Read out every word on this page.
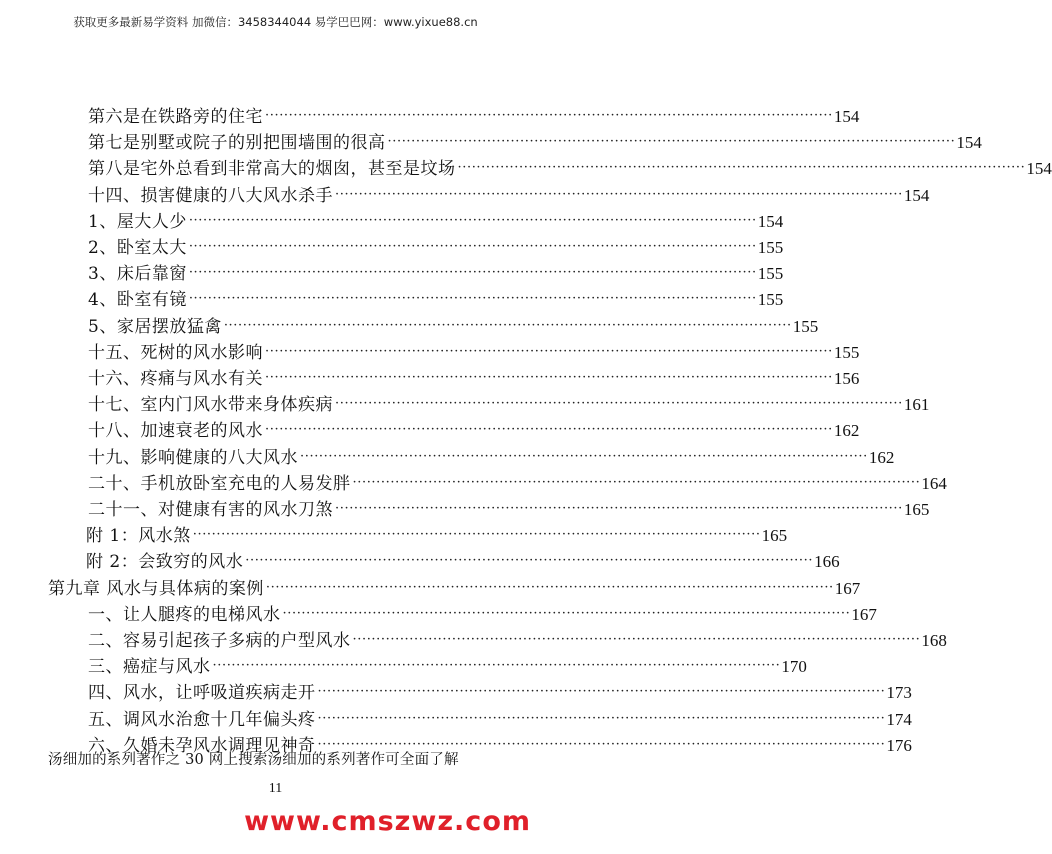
获取更多最新易学资料 加微信：3458344044 易学巴巴网：www.yixue88.cn
第六是在铁路旁的住宅 ························································································································ 154
第七是别墅或院子的别把围墙围的很高 ························································································································ 154
第八是宅外总看到非常高大的烟囱，甚至是坟场 ························································································································ 154
十四、损害健康的八大风水杀手 ························································································································ 154
1、屋大人少 ························································································································ 154
2、卧室太大 ························································································································ 155
3、床后靠窗 ························································································································ 155
4、卧室有镜 ························································································································ 155
5、家居摆放猛禽 ························································································································ 155
十五、死树的风水影响 ························································································································ 155
十六、疼痛与风水有关 ························································································································ 156
十七、室内门风水带来身体疾病 ························································································································ 161
十八、加速衰老的风水 ························································································································ 162
十九、影响健康的八大风水 ························································································································ 162
二十、手机放卧室充电的人易发胖 ························································································································ 164
二十一、对健康有害的风水刀煞 ························································································································ 165
附 1：风水煞 ························································································································ 165
附 2：会致穷的风水 ························································································································ 166
第九章 风水与具体病的案例 ························································································································ 167
一、让人腿疼的电梯风水 ························································································································ 167
二、容易引起孩子多病的户型风水 ························································································································ 168
三、癌症与风水 ························································································································ 170
四、风水，让呼吸道疾病走开 ························································································································ 173
五、调风水治愈十几年偏头疼 ························································································································ 174
六、久婚未孕风水调理见神奇 ························································································································ 176
汤细加的系列著作之 30 网上搜索汤细加的系列著作可全面了解
11
www.cmszwz.com
